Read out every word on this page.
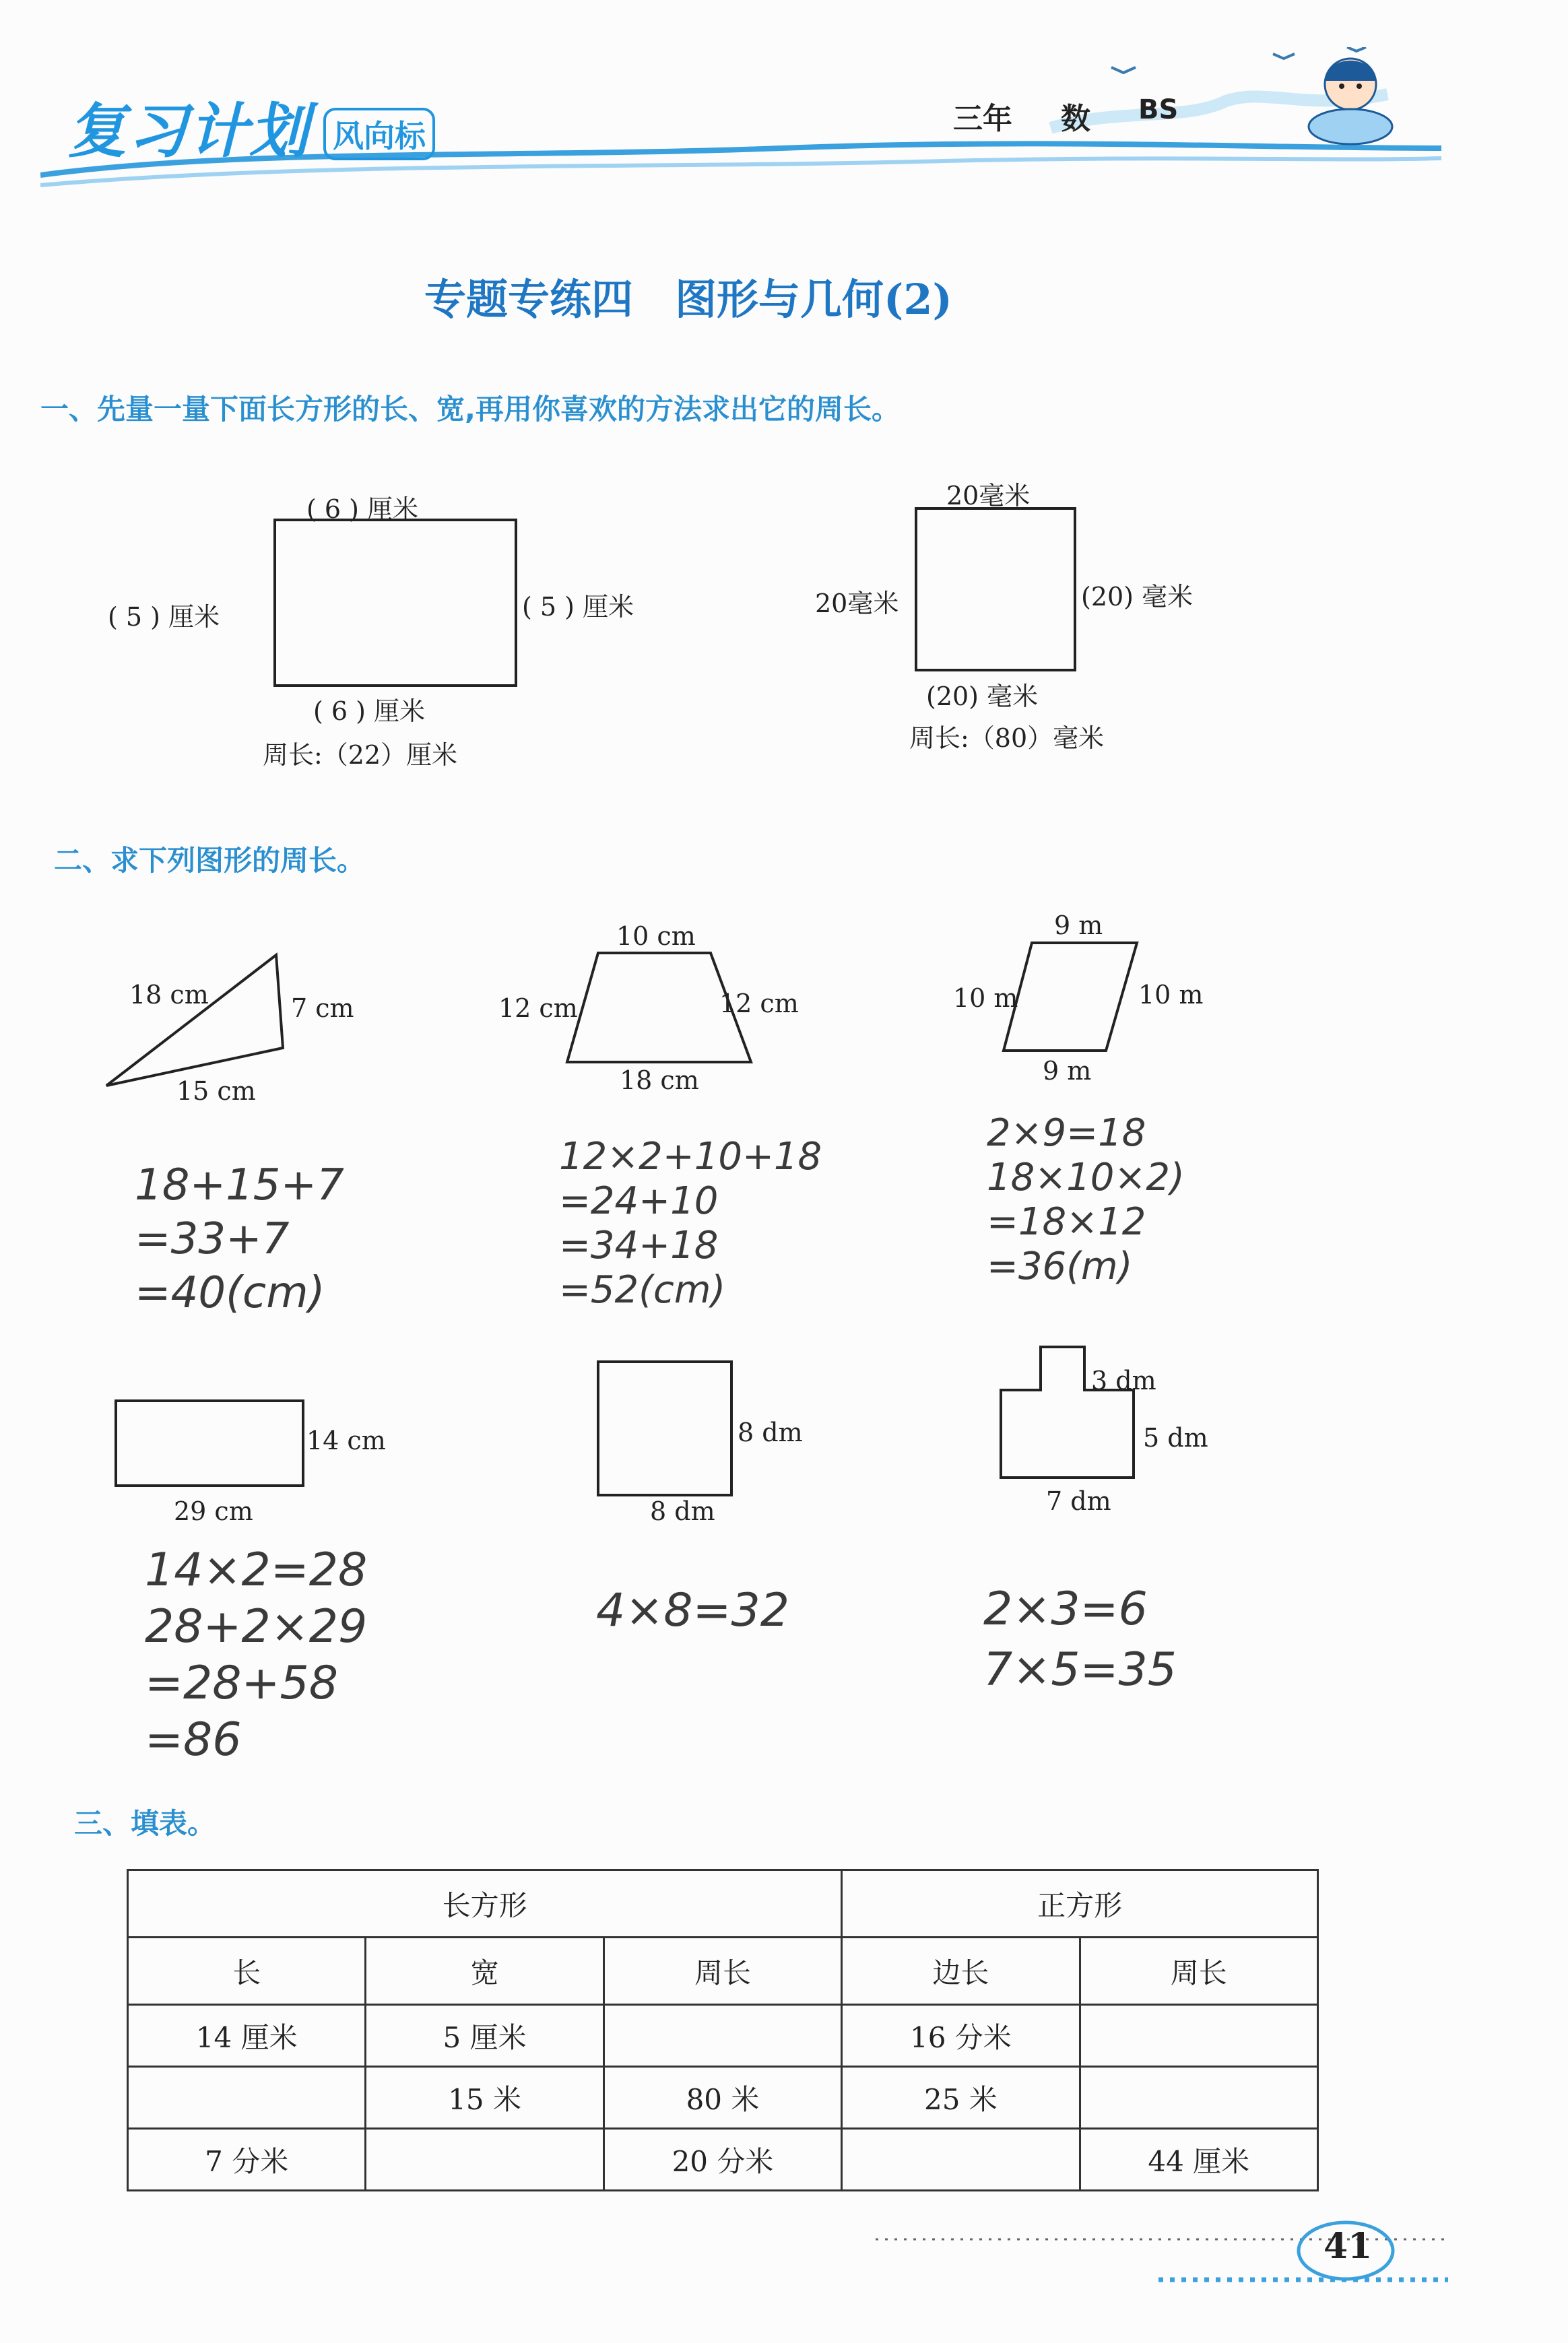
复习计划 风向标	三年 数 BS
专题专练四　图形与几何(2)
一、先量一量下面长方形的长、宽,再用你喜欢的方法求出它的周长。
( 6 ) 厘米
( 5 ) 厘米	( 5 ) 厘米
( 6 ) 厘米
周长:（22）厘米
20毫米
20毫米	(20) 毫米
(20) 毫米
周长:（80）毫米
二、求下列图形的周长。
18 cm	7 cm
15 cm
18+15+7
=33+7
=40(cm)
10 cm
12 cm	12 cm
18 cm
12×2+10+18
=24+10
=34+18
=52(cm)
9 m
10 m	10 m
9 m
2×9=18
18×10×2)
=18×12
=36(m)
14 cm
29 cm
14×2=28
28+2×29
=28+58
=86
8 dm
8 dm
4×8=32
3 dm
5 dm
7 dm
2×3=6
7×5=35
三、填表。
长方形			正方形	
长	宽	周长	边长	周长
14 厘米	5 厘米		16 分米	
	15 米	80 米	25 米	
7 分米		20 分米		44 厘米
41
